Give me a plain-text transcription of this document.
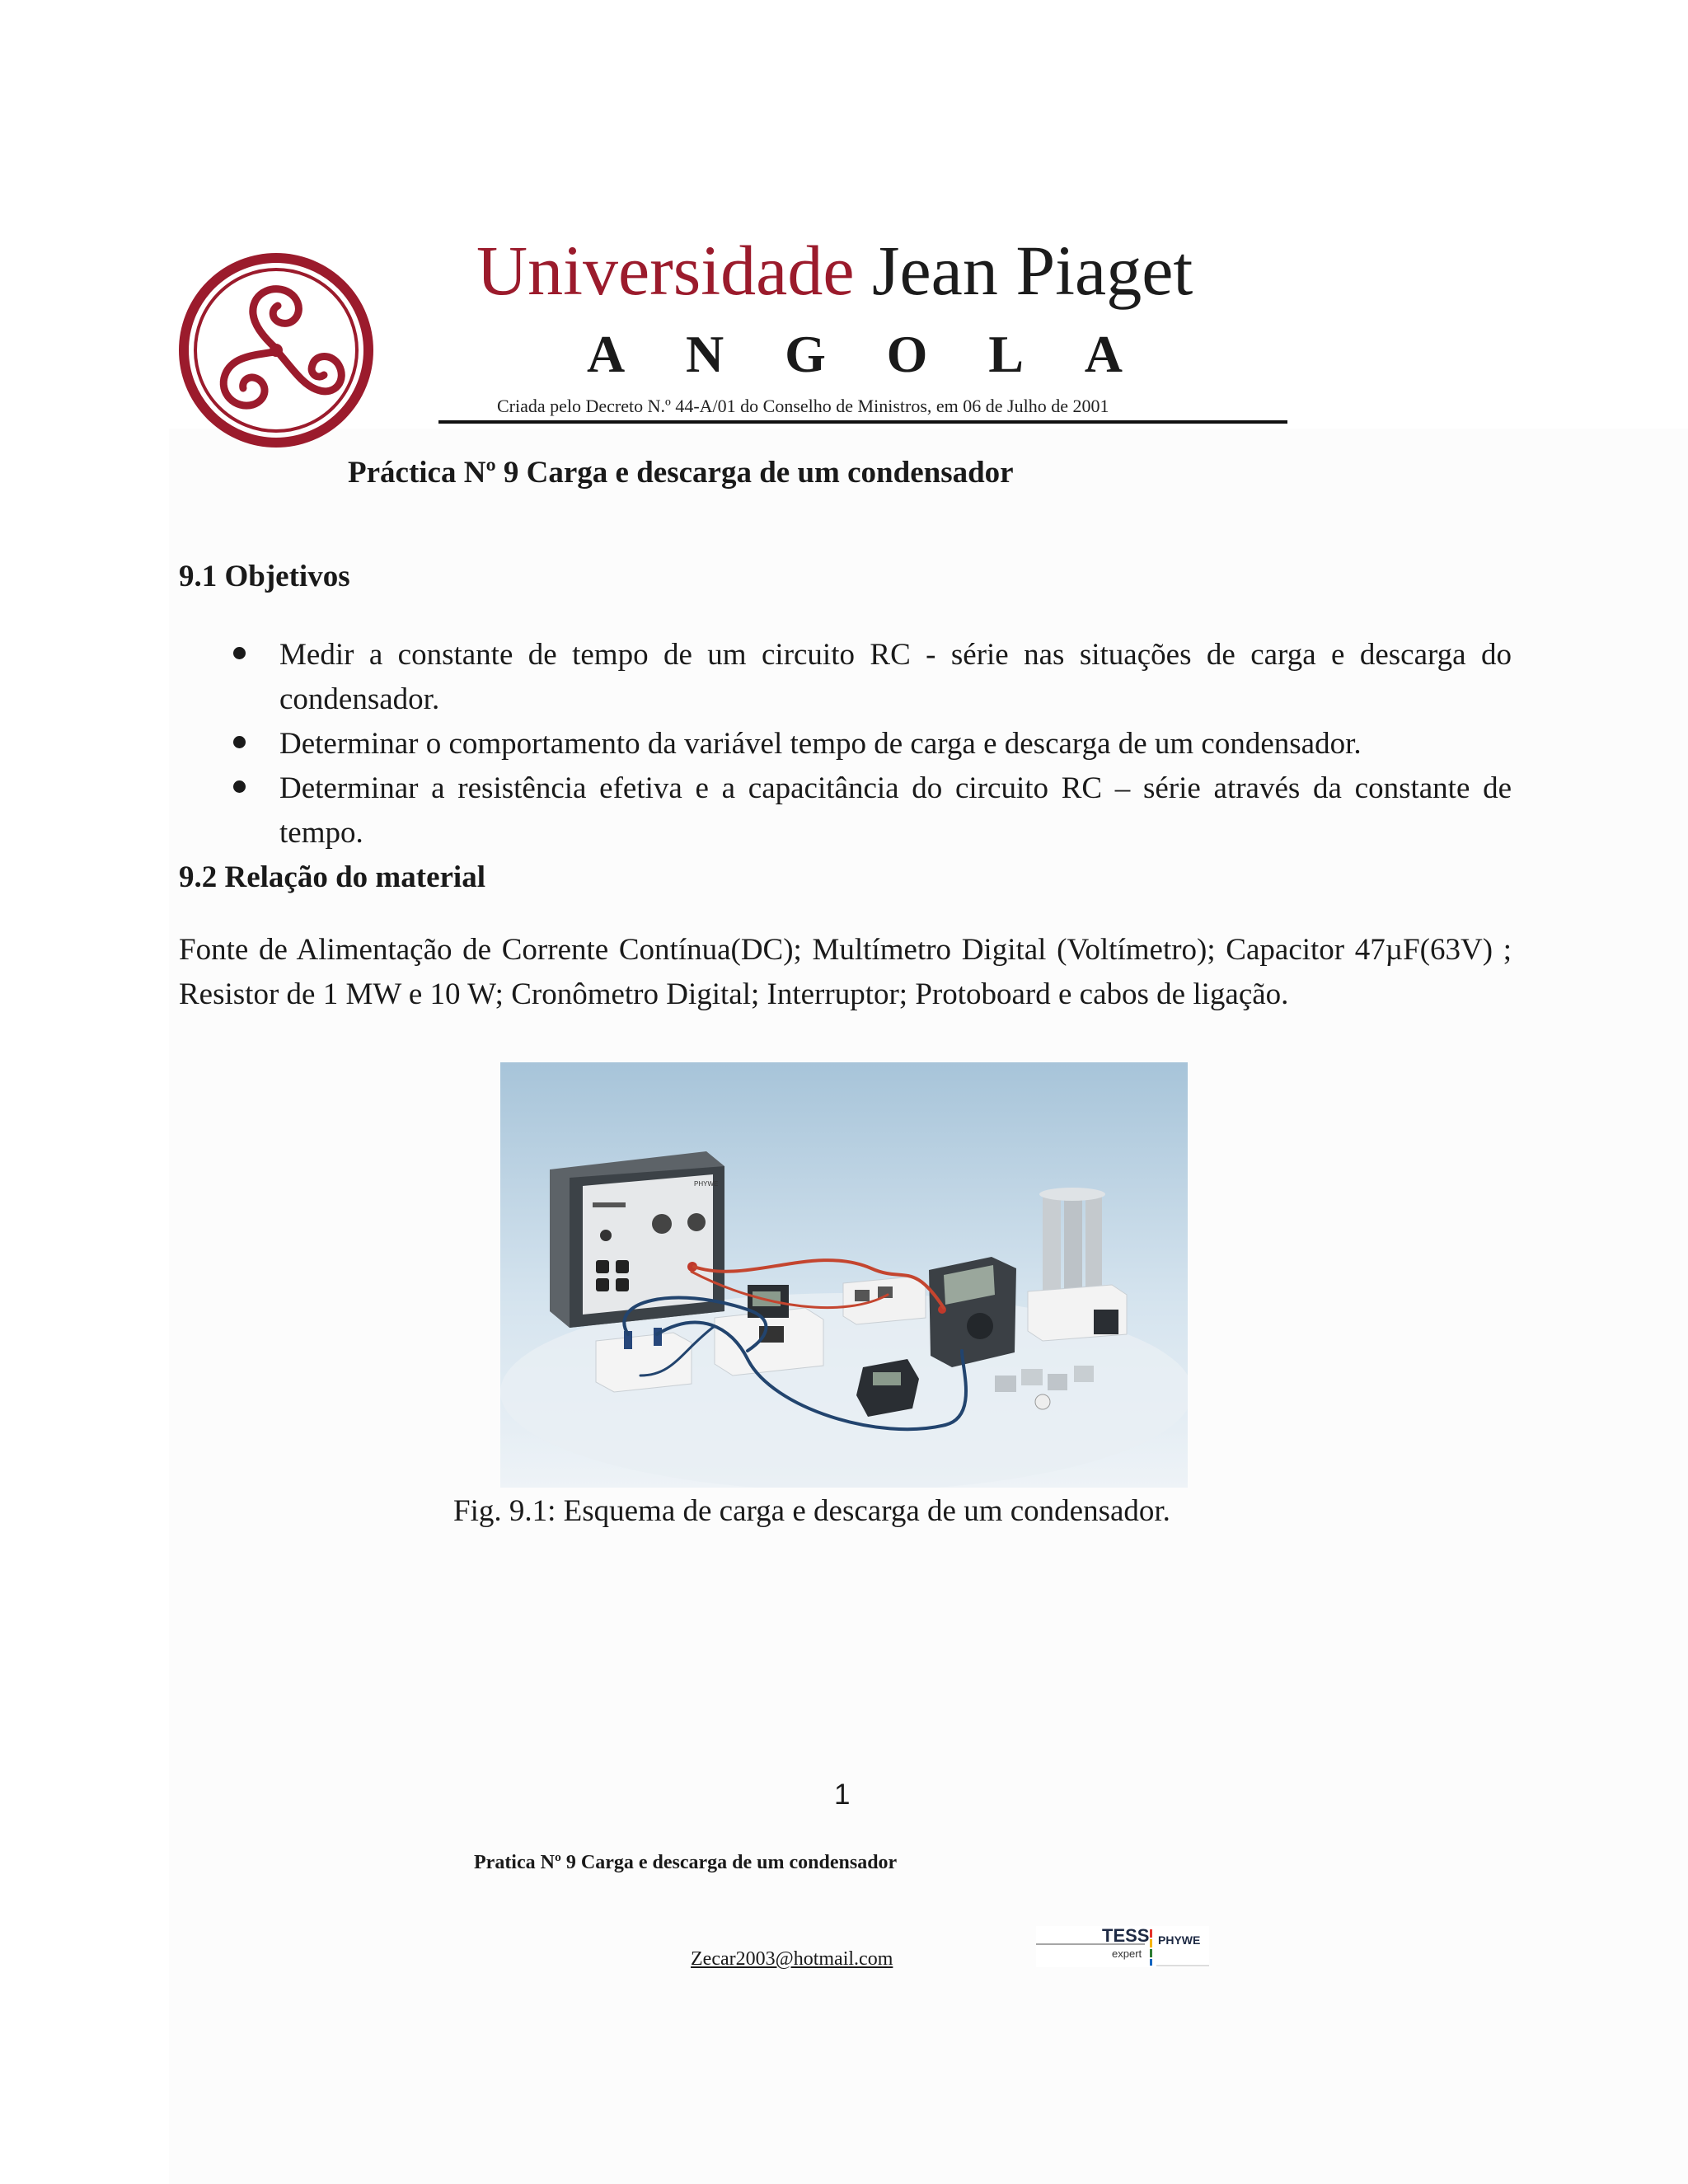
Universidade Jean Piaget
A N G O L A
Criada pelo Decreto N.º 44-A/01 do Conselho de Ministros, em 06 de Julho de 2001
Práctica Nº 9 Carga e descarga de um condensador
9.1 Objetivos
Medir a constante de tempo de um circuito RC - série nas situações de carga e descarga do condensador.
Determinar o comportamento da variável tempo de carga e descarga de um condensador.
Determinar a resistência efetiva e a capacitância do circuito RC – série através da constante de tempo.
9.2 Relação do material

Fonte de Alimentação de Corrente Contínua(DC); Multímetro Digital (Voltímetro); Capacitor 47µF(63V) ; Resistor de 1 MW e 10 W; Cronômetro Digital; Interruptor; Protoboard e cabos de ligação.

PHYWE
Fig. 9.1: Esquema de carga e descarga de um condensador.
1
Pratica Nº 9 Carga e descarga de um condensador
Zecar2003@hotmail.com
TESS
expert
PHYWE
